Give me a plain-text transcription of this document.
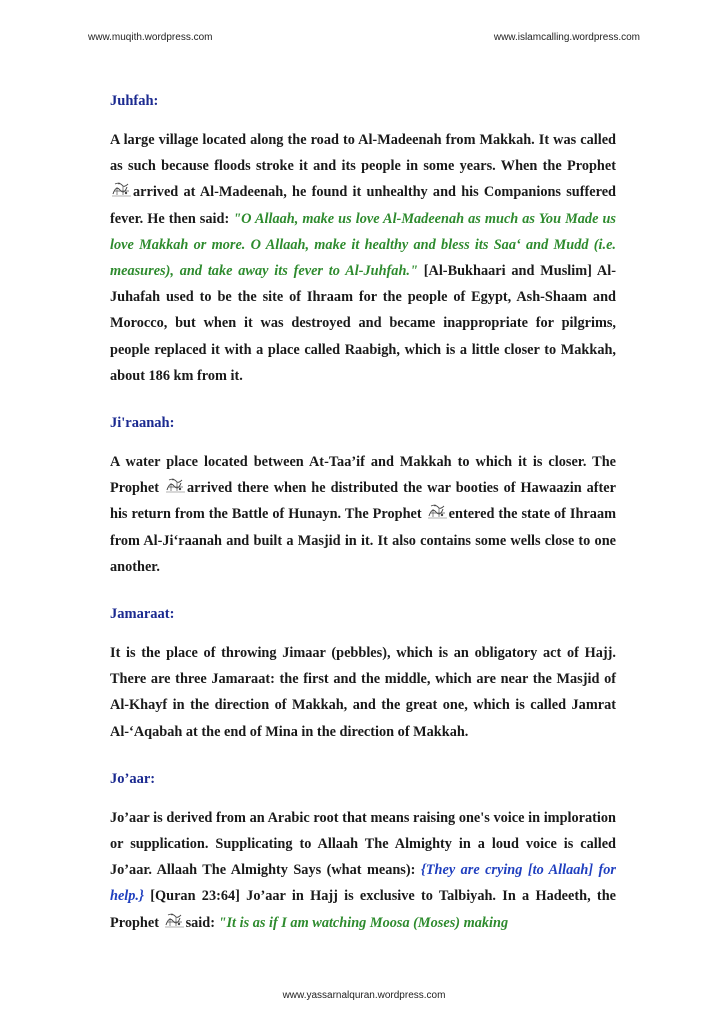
www.muqith.wordpress.com	www.islamcalling.wordpress.com
Juhfah:

A large village located along the road to Al-Madeenah from Makkah. It was called as such because floods stroke it and its people in some years. When the Prophet arrived at Al-Madeenah, he found it unhealthy and his Companions suffered fever. He then said: "O Allaah, make us love Al-Madeenah as much as You Made us love Makkah or more. O Allaah, make it healthy and bless its Saa‘ and Mudd (i.e. measures), and take away its fever to Al-Juhfah." [Al-Bukhaari and Muslim] Al-Juhafah used to be the site of Ihraam for the people of Egypt, Ash-Shaam and Morocco, but when it was destroyed and became inappropriate for pilgrims, people replaced it with a place called Raabigh, which is a little closer to Makkah, about 186 km from it.

Ji'raanah:

A water place located between At-Taa’if and Makkah to which it is closer. The Prophet arrived there when he distributed the war booties of Hawaazin after his return from the Battle of Hunayn. The Prophet entered the state of Ihraam from Al-Ji‘raanah and built a Masjid in it. It also contains some wells close to one another.

Jamaraat:

It is the place of throwing Jimaar (pebbles), which is an obligatory act of Hajj. There are three Jamaraat: the first and the middle, which are near the Masjid of Al-Khayf in the direction of Makkah, and the great one, which is called Jamrat Al-‘Aqabah at the end of Mina in the direction of Makkah.

Jo’aar:

Jo’aar is derived from an Arabic root that means raising one's voice in imploration or supplication. Supplicating to Allaah The Almighty in a loud voice is called Jo’aar. Allaah The Almighty Says (what means): {They are crying [to Allaah] for help.} [Quran 23:64] Jo’aar in Hajj is exclusive to Talbiyah. In a Hadeeth, the Prophet said: "It is as if I am watching Moosa (Moses) making

www.yassarnalquran.wordpress.com
